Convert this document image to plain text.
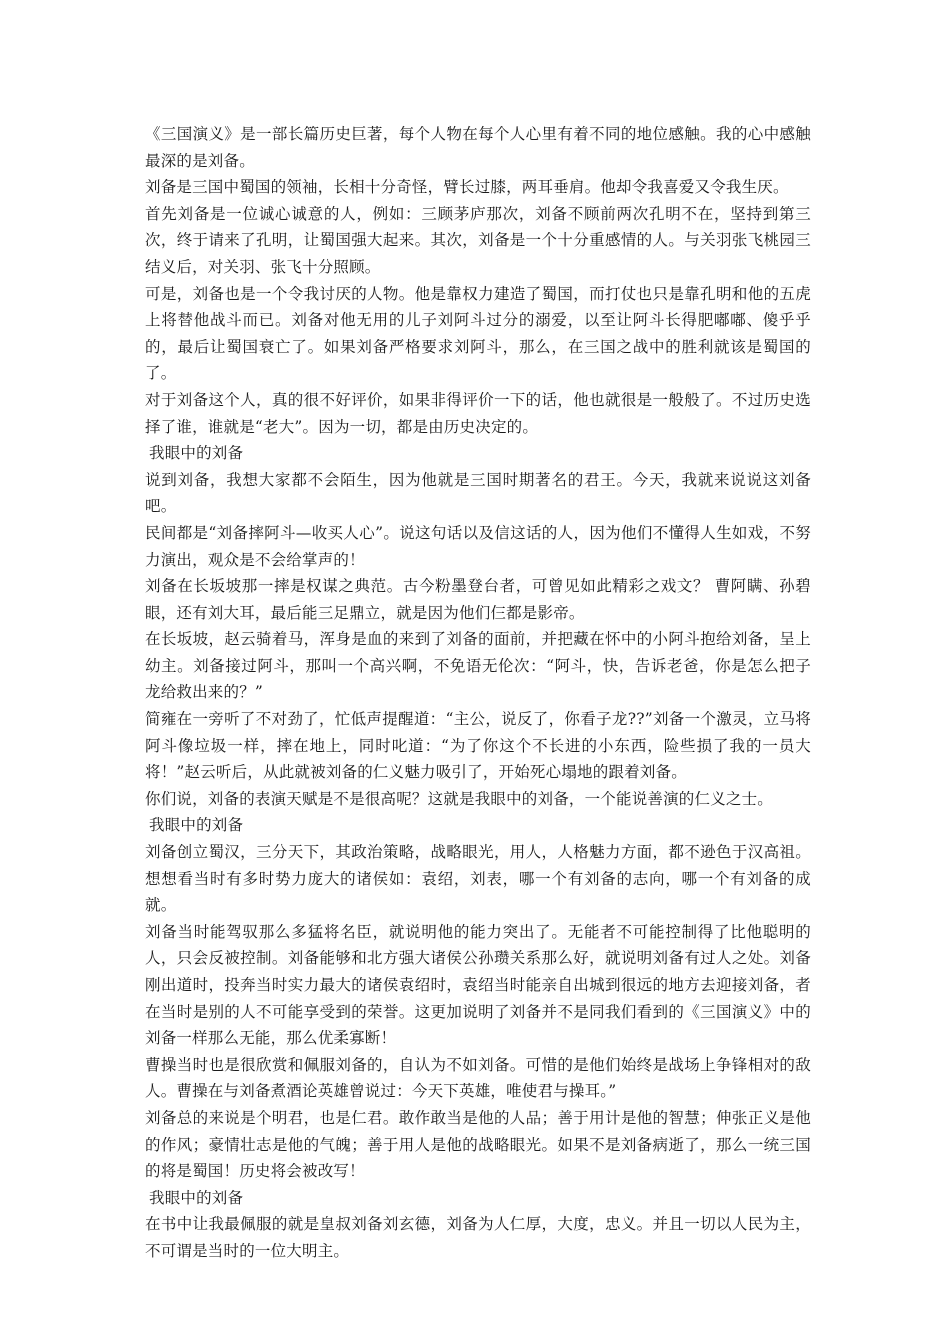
《三国演义》是一部长篇历史巨著，每个人物在每个人心里有着不同的地位感触。我的心中感触最深的是刘备。

刘备是三国中蜀国的领袖，长相十分奇怪，臂长过膝，两耳垂肩。他却令我喜爱又令我生厌。

首先刘备是一位诚心诚意的人，例如：三顾茅庐那次，刘备不顾前两次孔明不在，坚持到第三次，终于请来了孔明，让蜀国强大起来。其次，刘备是一个十分重感情的人。与关羽张飞桃园三结义后，对关羽、张飞十分照顾。

可是，刘备也是一个令我讨厌的人物。他是靠权力建造了蜀国，而打仗也只是靠孔明和他的五虎上将替他战斗而已。刘备对他无用的儿子刘阿斗过分的溺爱，以至让阿斗长得肥嘟嘟、傻乎乎的，最后让蜀国衰亡了。如果刘备严格要求刘阿斗，那么，在三国之战中的胜利就该是蜀国的了。

对于刘备这个人，真的很不好评价，如果非得评价一下的话，他也就很是一般般了。不过历史选择了谁，谁就是“老大”。因为一切，都是由历史决定的。

我眼中的刘备

说到刘备，我想大家都不会陌生，因为他就是三国时期著名的君王。今天，我就来说说这刘备吧。

民间都是“刘备摔阿斗—收买人心”。说这句话以及信这话的人，因为他们不懂得人生如戏，不努力演出，观众是不会给掌声的！

刘备在长坂坡那一摔是权谋之典范。古今粉墨登台者，可曾见如此精彩之戏文？ 曹阿瞒、孙碧眼，还有刘大耳，最后能三足鼎立，就是因为他们仨都是影帝。

在长坂坡，赵云骑着马，浑身是血的来到了刘备的面前，并把藏在怀中的小阿斗抱给刘备，呈上幼主。刘备接过阿斗，那叫一个高兴啊，不免语无伦次：“阿斗，快，告诉老爸，你是怎么把子龙给救出来的？”

简雍在一旁听了不对劲了，忙低声提醒道：“主公，说反了，你看子龙??”刘备一个激灵，立马将阿斗像垃圾一样，摔在地上，同时叱道：“为了你这个不长进的小东西，险些损了我的一员大将！”赵云听后，从此就被刘备的仁义魅力吸引了，开始死心塌地的跟着刘备。

你们说，刘备的表演天赋是不是很高呢？这就是我眼中的刘备，一个能说善演的仁义之士。

我眼中的刘备

刘备创立蜀汉，三分天下，其政治策略，战略眼光，用人，人格魅力方面，都不逊色于汉高祖。想想看当时有多时势力庞大的诸侯如：袁绍，刘表，哪一个有刘备的志向，哪一个有刘备的成就。

刘备当时能驾驭那么多猛将名臣，就说明他的能力突出了。无能者不可能控制得了比他聪明的人，只会反被控制。刘备能够和北方强大诸侯公孙瓒关系那么好，就说明刘备有过人之处。刘备刚出道时，投奔当时实力最大的诸侯袁绍时，袁绍当时能亲自出城到很远的地方去迎接刘备，者在当时是别的人不可能享受到的荣誉。这更加说明了刘备并不是同我们看到的《三国演义》中的刘备一样那么无能，那么优柔寡断！

曹操当时也是很欣赏和佩服刘备的，自认为不如刘备。可惜的是他们始终是战场上争锋相对的敌人。曹操在与刘备煮酒论英雄曾说过：今天下英雄，唯使君与操耳。”

刘备总的来说是个明君，也是仁君。敢作敢当是他的人品；善于用计是他的智慧；伸张正义是他的作风；豪情壮志是他的气魄；善于用人是他的战略眼光。如果不是刘备病逝了，那么一统三国的将是蜀国！历史将会被改写！

我眼中的刘备

在书中让我最佩服的就是皇叔刘备刘玄德，刘备为人仁厚，大度，忠义。并且一切以人民为主，不可谓是当时的一位大明主。
